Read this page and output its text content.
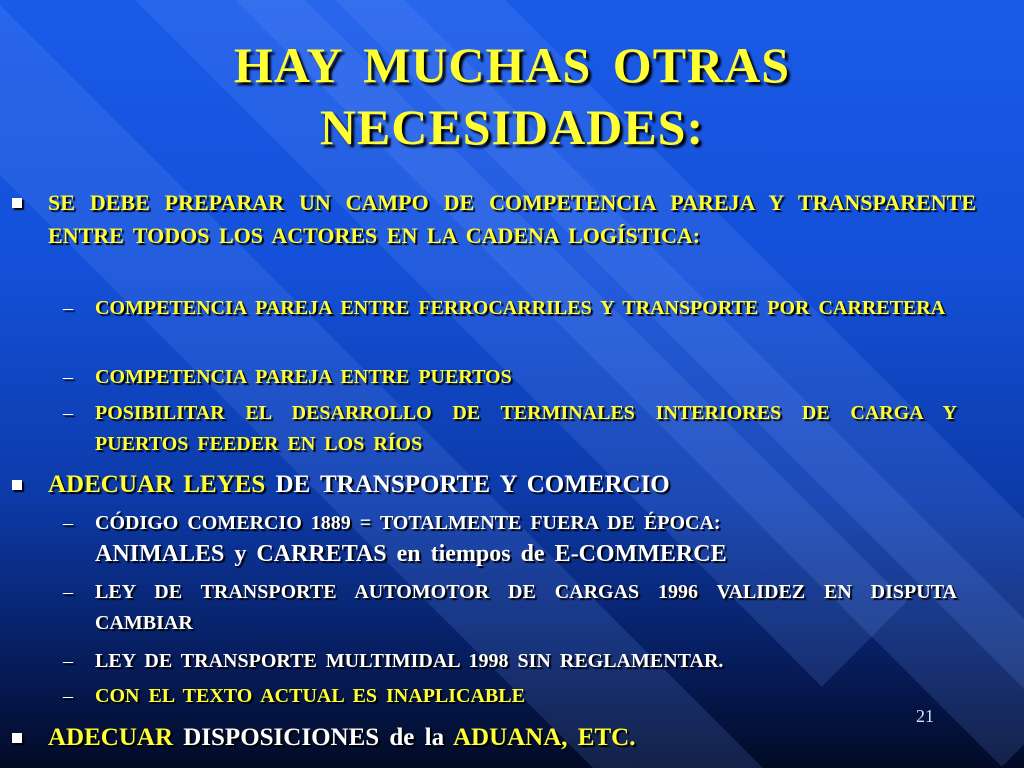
HAY MUCHAS OTRAS
NECESIDADES:
SE DEBE PREPARAR UN CAMPO DE COMPETENCIA PAREJA Y TRANSPARENTE ENTRE TODOS LOS ACTORES EN LA CADENA LOGÍSTICA:
– COMPETENCIA PAREJA ENTRE FERROCARRILES Y TRANSPORTE POR CARRETERA
– COMPETENCIA PAREJA ENTRE PUERTOS
– POSIBILITAR EL DESARROLLO DE TERMINALES INTERIORES DE CARGA Y PUERTOS FEEDER EN LOS RÍOS
ADECUAR LEYES DE TRANSPORTE Y COMERCIO
– CÓDIGO COMERCIO 1889 = TOTALMENTE FUERA DE ÉPOCA:
ANIMALES y CARRETAS en tiempos de E-COMMERCE
– LEY DE TRANSPORTE AUTOMOTOR DE CARGAS 1996 VALIDEZ EN DISPUTA CAMBIAR
– LEY DE TRANSPORTE MULTIMIDAL 1998 SIN REGLAMENTAR.
– CON EL TEXTO ACTUAL ES INAPLICABLE
ADECUAR DISPOSICIONES de la ADUANA, ETC.
21
